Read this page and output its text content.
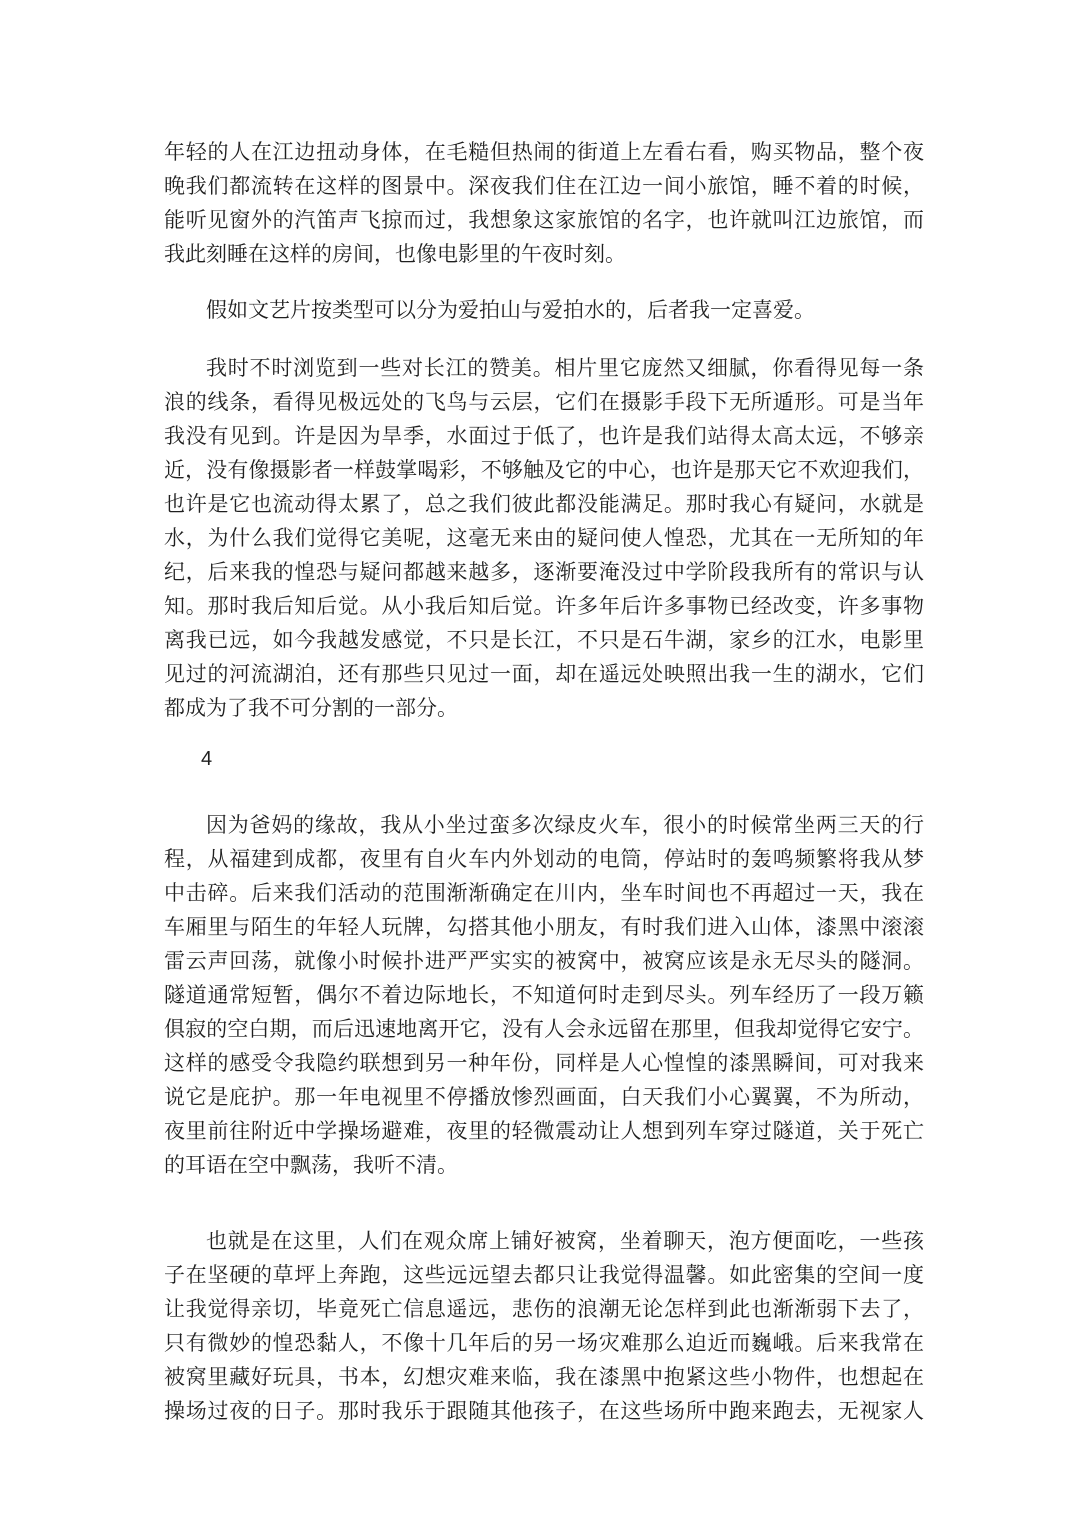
年轻的人在江边扭动身体，在毛糙但热闹的街道上左看右看，购买物品，整个夜
晚我们都流转在这样的图景中。深夜我们住在江边一间小旅馆，睡不着的时候，
能听见窗外的汽笛声飞掠而过，我想象这家旅馆的名字，也许就叫江边旅馆，而
我此刻睡在这样的房间，也像电影里的午夜时刻。
假如文艺片按类型可以分为爱拍山与爱拍水的，后者我一定喜爱。
我时不时浏览到一些对长江的赞美。相片里它庞然又细腻，你看得见每一条
浪的线条，看得见极远处的飞鸟与云层，它们在摄影手段下无所遁形。可是当年
我没有见到。许是因为旱季，水面过于低了，也许是我们站得太高太远，不够亲
近，没有像摄影者一样鼓掌喝彩，不够触及它的中心，也许是那天它不欢迎我们，
也许是它也流动得太累了，总之我们彼此都没能满足。那时我心有疑问，水就是
水，为什么我们觉得它美呢，这毫无来由的疑问使人惶恐，尤其在一无所知的年
纪，后来我的惶恐与疑问都越来越多，逐渐要淹没过中学阶段我所有的常识与认
知。那时我后知后觉。从小我后知后觉。许多年后许多事物已经改变，许多事物
离我已远，如今我越发感觉，不只是长江，不只是石牛湖，家乡的江水，电影里
见过的河流湖泊，还有那些只见过一面，却在遥远处映照出我一生的湖水，它们
都成为了我不可分割的一部分。
4
因为爸妈的缘故，我从小坐过蛮多次绿皮火车，很小的时候常坐两三天的行
程，从福建到成都，夜里有自火车内外划动的电筒，停站时的轰鸣频繁将我从梦
中击碎。后来我们活动的范围渐渐确定在川内，坐车时间也不再超过一天，我在
车厢里与陌生的年轻人玩牌，勾搭其他小朋友，有时我们进入山体，漆黑中滚滚
雷云声回荡，就像小时候扑进严严实实的被窝中，被窝应该是永无尽头的隧洞。
隧道通常短暂，偶尔不着边际地长，不知道何时走到尽头。列车经历了一段万籁
俱寂的空白期，而后迅速地离开它，没有人会永远留在那里，但我却觉得它安宁。
这样的感受令我隐约联想到另一种年份，同样是人心惶惶的漆黑瞬间，可对我来
说它是庇护。那一年电视里不停播放惨烈画面，白天我们小心翼翼，不为所动，
夜里前往附近中学操场避难，夜里的轻微震动让人想到列车穿过隧道，关于死亡
的耳语在空中飘荡，我听不清。
也就是在这里，人们在观众席上铺好被窝，坐着聊天，泡方便面吃，一些孩
子在坚硬的草坪上奔跑，这些远远望去都只让我觉得温馨。如此密集的空间一度
让我觉得亲切，毕竟死亡信息遥远，悲伤的浪潮无论怎样到此也渐渐弱下去了，
只有微妙的惶恐黏人，不像十几年后的另一场灾难那么迫近而巍峨。后来我常在
被窝里藏好玩具，书本，幻想灾难来临，我在漆黑中抱紧这些小物件，也想起在
操场过夜的日子。那时我乐于跟随其他孩子，在这些场所中跑来跑去，无视家人
